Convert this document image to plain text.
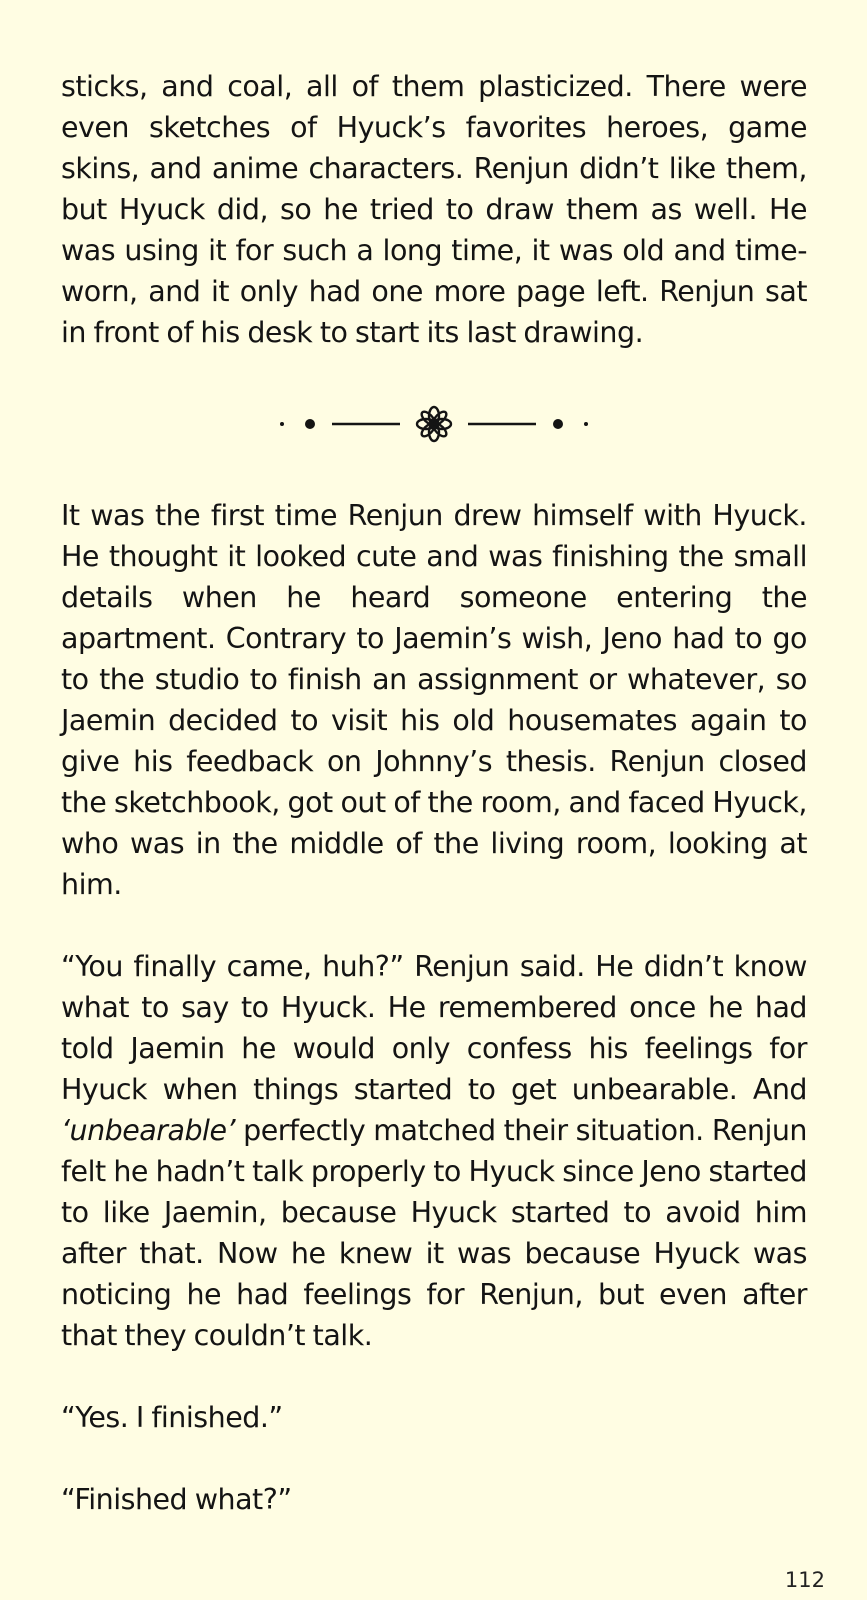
sticks, and coal, all of them plasticized. There were even sketches of Hyuck’s favorites heroes, game skins, and anime characters. Renjun didn’t like them, but Hyuck did, so he tried to draw them as well. He was using it for such a long time, it was old and time-worn, and it only had one more page left. Renjun sat in front of his desk to start its last drawing.

It was the first time Renjun drew himself with Hyuck. He thought it looked cute and was finishing the small details when he heard someone entering the apartment. Contrary to Jaemin’s wish, Jeno had to go to the studio to finish an assignment or whatever, so Jaemin decided to visit his old housemates again to give his feedback on Johnny’s thesis. Renjun closed the sketchbook, got out of the room, and faced Hyuck, who was in the middle of the living room, looking at him.

“You finally came, huh?” Renjun said. He didn’t know what to say to Hyuck. He remembered once he had told Jaemin he would only confess his feelings for Hyuck when things started to get unbearable. And ‘unbearable’ perfectly matched their situation. Renjun felt he hadn’t talk properly to Hyuck since Jeno started to like Jaemin, because Hyuck started to avoid him after that. Now he knew it was because Hyuck was noticing he had feelings for Renjun, but even after that they couldn’t talk.

“Yes. I finished.”

“Finished what?”

112
